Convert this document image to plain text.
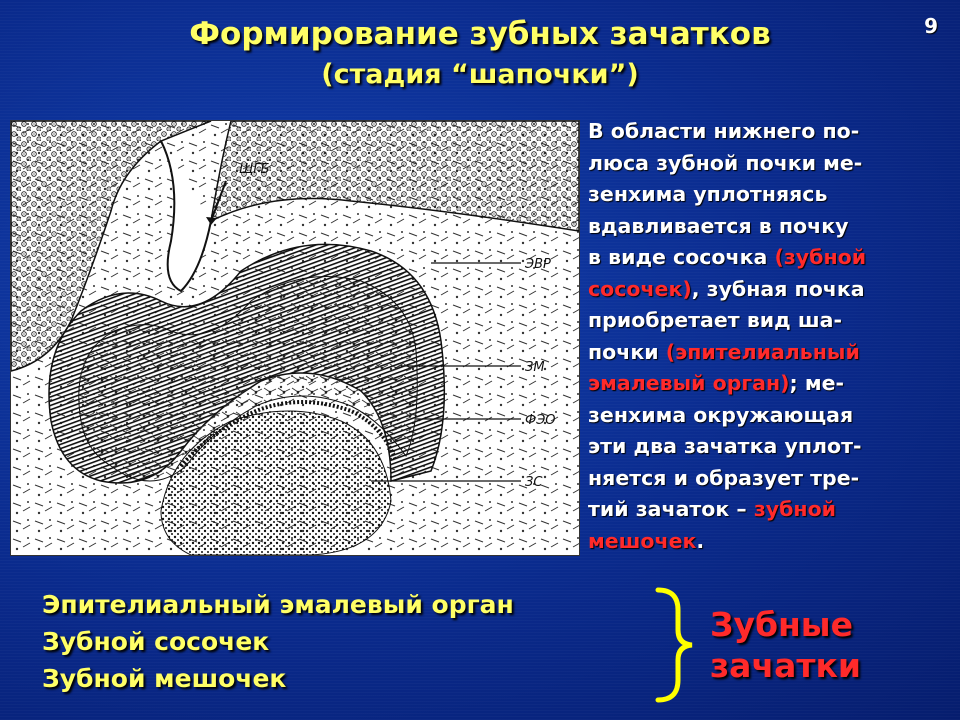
9
Формирование зубных зачатков
(стадия “шапочки”)
ЩГБ
ЭВР
ЗМ
ФЭО
ЗС
В области нижнего по-
люса зубной почки ме-
зенхима уплотняясь
вдавливается в почку
в виде сосочка (зубной
сосочек), зубная почка
приобретает вид ша-
почки (эпителиальный
эмалевый орган); ме-
зенхима окружающая
эти два зачатка уплот-
няется и образует тре-
тий зачаток – зубной
мешочек.
Эпителиальный эмалевый орган
Зубной сосочек
Зубной мешочек
Зубные
зачатки
